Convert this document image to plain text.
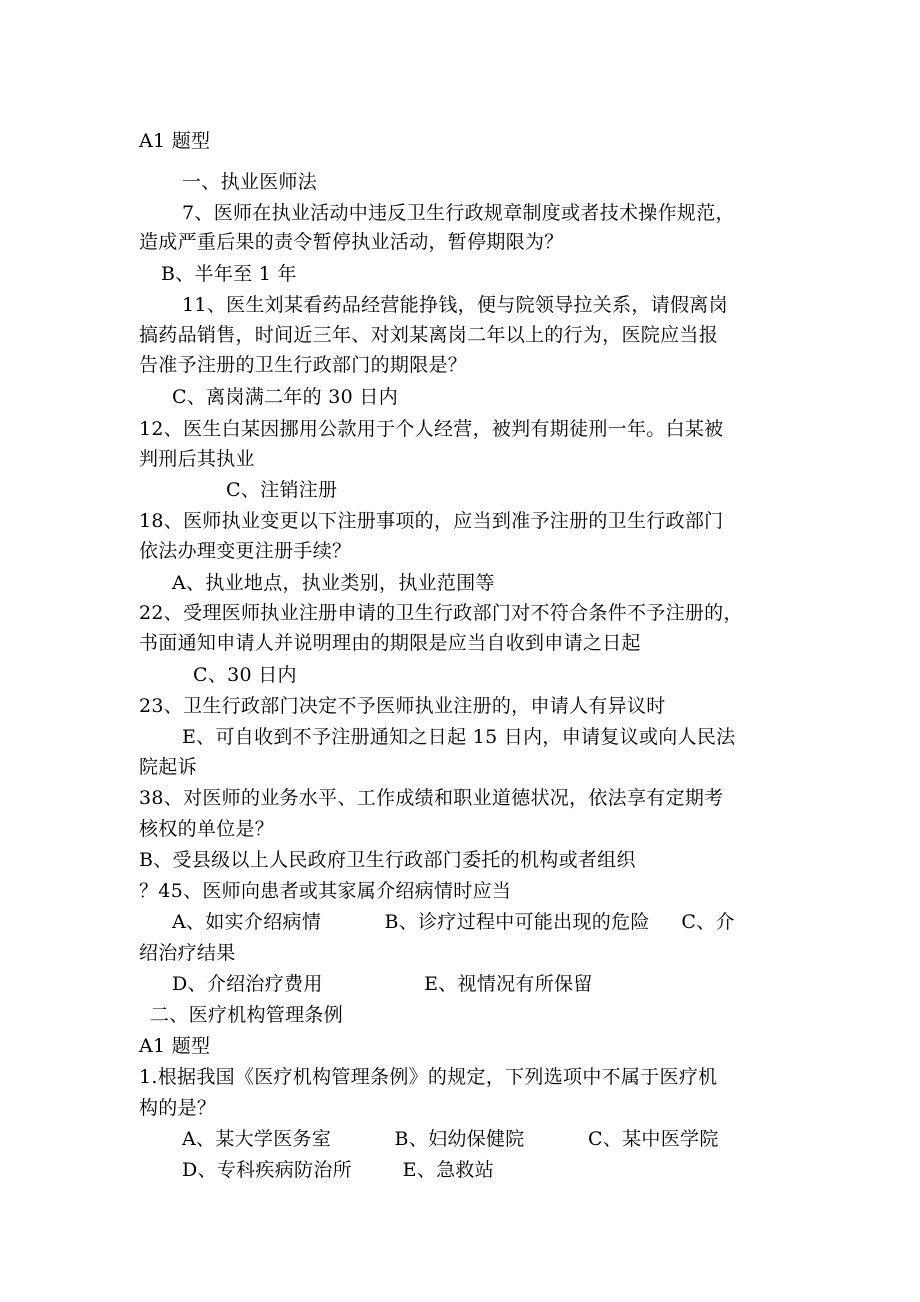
A1 题型
一、执业医师法
7、医师在执业活动中违反卫生行政规章制度或者技术操作规范，
造成严重后果的责令暂停执业活动，暂停期限为？
B、半年至 1 年
11、医生刘某看药品经营能挣钱，便与院领导拉关系，请假离岗
搞药品销售，时间近三年、对刘某离岗二年以上的行为，医院应当报
告准予注册的卫生行政部门的期限是？
C、离岗满二年的 30 日内
12、医生白某因挪用公款用于个人经营，被判有期徒刑一年。白某被
判刑后其执业
C、注销注册
18、医师执业变更以下注册事项的，应当到准予注册的卫生行政部门
依法办理变更注册手续？
A、执业地点，执业类别，执业范围等
22、受理医师执业注册申请的卫生行政部门对不符合条件不予注册的，
书面通知申请人并说明理由的期限是应当自收到申请之日起
C、30 日内
23、卫生行政部门决定不予医师执业注册的，申请人有异议时
E、可自收到不予注册通知之日起 15 日内，申请复议或向人民法
院起诉
38、对医师的业务水平、工作成绩和职业道德状况，依法享有定期考
核权的单位是？
B、受县级以上人民政府卫生行政部门委托的机构或者组织
？45、医师向患者或其家属介绍病情时应当
A、如实介绍病情          B、诊疗过程中可能出现的危险     C、介
绍治疗结果
D、介绍治疗费用                E、视情况有所保留
二、医疗机构管理条例
A1 题型
1.根据我国《医疗机构管理条例》的规定，下列选项中不属于医疗机
构的是？
A、某大学医务室          B、妇幼保健院          C、某中医学院
D、专科疾病防治所        E、急救站
